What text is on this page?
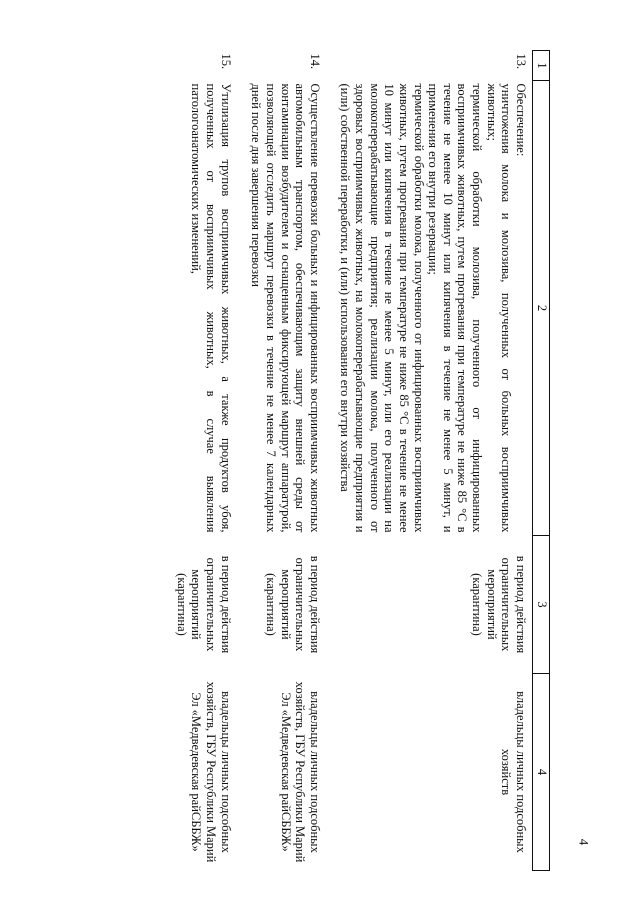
4
1	2	3	4
13.	Обеспечение:
уничтожения молока и молозива, полученных от больных восприимчивых животных;
термической обработки молозива, полученного от инфицированных восприимчивых животных, путем прогревания при температуре не ниже 85 °C в течение не менее 10 минут или кипячения в течение не менее 5 минут, и применения его внутри резервации;
термической обработки молока, полученного от инфицированных восприимчивых животных, путем прогревания при температуре не ниже 85 °C в течение не менее 10 минут или кипячения в течение не менее 5 минут, или его реализации на молокоперерабатывающие предприятия; реализации молока, полученного от здоровых восприимчивых животных, на молокоперерабатывающие предприятия и (или) собственной переработки, и (или) использования его внутри хозяйства	в период действия ограничительных мероприятий (карантина)	владельцы личных подсобных хозяйств
14.	Осуществление перевозки больных и инфицированных восприимчивых животных автомобильным транспортом, обеспечивающим защиту внешней среды от контаминации возбудителем и оснащенным фиксирующей маршрут аппаратурой, позволяющей отследить маршрут перевозки в течение не менее 7 календарных дней после дня завершения перевозки	в период действия ограничительных мероприятий (карантина)	владельцы личных подсобных хозяйств, ГБУ Республики Марий Эл «Медведевская райСББЖ»
15.	Утилизация трупов восприимчивых животных, а также продуктов убоя, полученных от восприимчивых животных, в случае выявления патологоанатомических изменений,	в период действия ограничительных мероприятий (карантина)	владельцы личных подсобных хозяйств, ГБУ Республики Марий Эл «Медведевская райСББЖ»
